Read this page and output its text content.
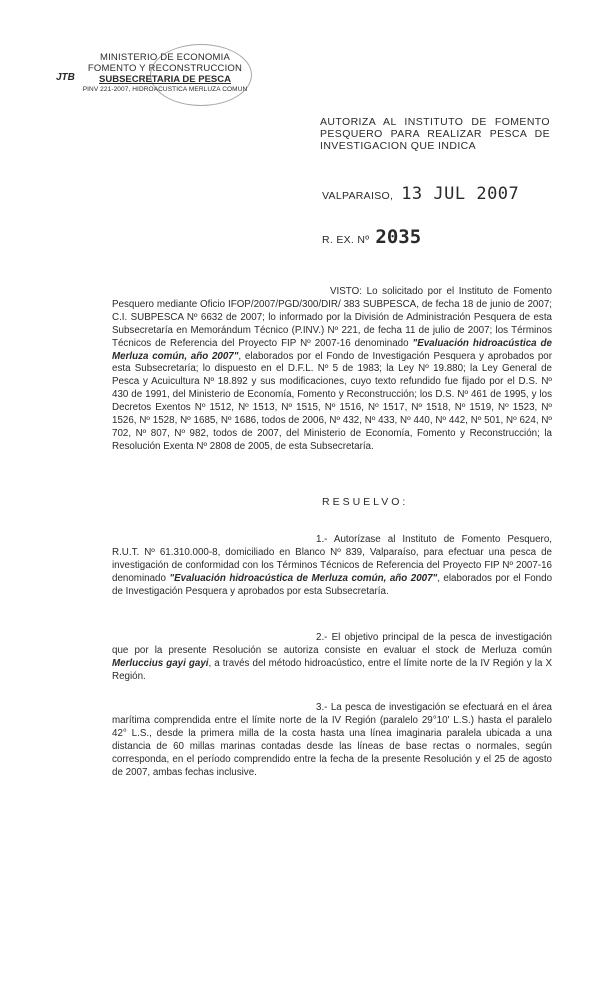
MINISTERIO DE ECONOMIA
FOMENTO Y RECONSTRUCCION
SUBSECRETARIA DE PESCA
PINV 221-2007, HIDROACUSTICA MERLUZA COMUN
JTB
AUTORIZA AL INSTITUTO DE FOMENTO PESQUERO PARA REALIZAR PESCA DE INVESTIGACION QUE INDICA
VALPARAISO, 13 JUL 2007
R. EX. Nº 2035
VISTO: Lo solicitado por el Instituto de Fomento Pesquero mediante Oficio IFOP/2007/PGD/300/DIR/ 383 SUBPESCA, de fecha 18 de junio de 2007; C.I. SUBPESCA Nº 6632 de 2007; lo informado por la División de Administración Pesquera de esta Subsecretaría en Memorándum Técnico (P.INV.) Nº 221, de fecha 11 de julio de 2007; los Términos Técnicos de Referencia del Proyecto FIP Nº 2007-16 denominado "Evaluación hidroacústica de Merluza común, año 2007", elaborados por el Fondo de Investigación Pesquera y aprobados por esta Subsecretaría; lo dispuesto en el D.F.L. Nº 5 de 1983; la Ley Nº 19.880; la Ley General de Pesca y Acuicultura Nº 18.892 y sus modificaciones, cuyo texto refundido fue fijado por el D.S. Nº 430 de 1991, del Ministerio de Economía, Fomento y Reconstrucción; los D.S. Nº 461 de 1995, y los Decretos Exentos Nº 1512, Nº 1513, Nº 1515, Nº 1516, Nº 1517, Nº 1518, Nº 1519, Nº 1523, Nº 1526, Nº 1528, Nº 1685, Nº 1686, todos de 2006, Nº 432, Nº 433, Nº 440, Nº 442, Nº 501, Nº 624, Nº 702, Nº 807, Nº 982, todos de 2007, del Ministerio de Economía, Fomento y Reconstrucción; la Resolución Exenta Nº 2808 de 2005, de esta Subsecretaría.
RESUELVO:
1.- Autorízase al Instituto de Fomento Pesquero, R.U.T. Nº 61.310.000-8, domiciliado en Blanco Nº 839, Valparaíso, para efectuar una pesca de investigación de conformidad con los Términos Técnicos de Referencia del Proyecto FIP Nº 2007-16 denominado "Evaluación hidroacústica de Merluza común, año 2007", elaborados por el Fondo de Investigación Pesquera y aprobados por esta Subsecretaría.
2.- El objetivo principal de la pesca de investigación que por la presente Resolución se autoriza consiste en evaluar el stock de Merluza común Merluccius gayi gayi, a través del método hidroacústico, entre el límite norte de la IV Región y la X Región.
3.- La pesca de investigación se efectuará en el área marítima comprendida entre el límite norte de la IV Región (paralelo 29°10' L.S.) hasta el paralelo 42° L.S., desde la primera milla de la costa hasta una línea imaginaria paralela ubicada a una distancia de 60 millas marinas contadas desde las líneas de base rectas o normales, según corresponda, en el período comprendido entre la fecha de la presente Resolución y el 25 de agosto de 2007, ambas fechas inclusive.
